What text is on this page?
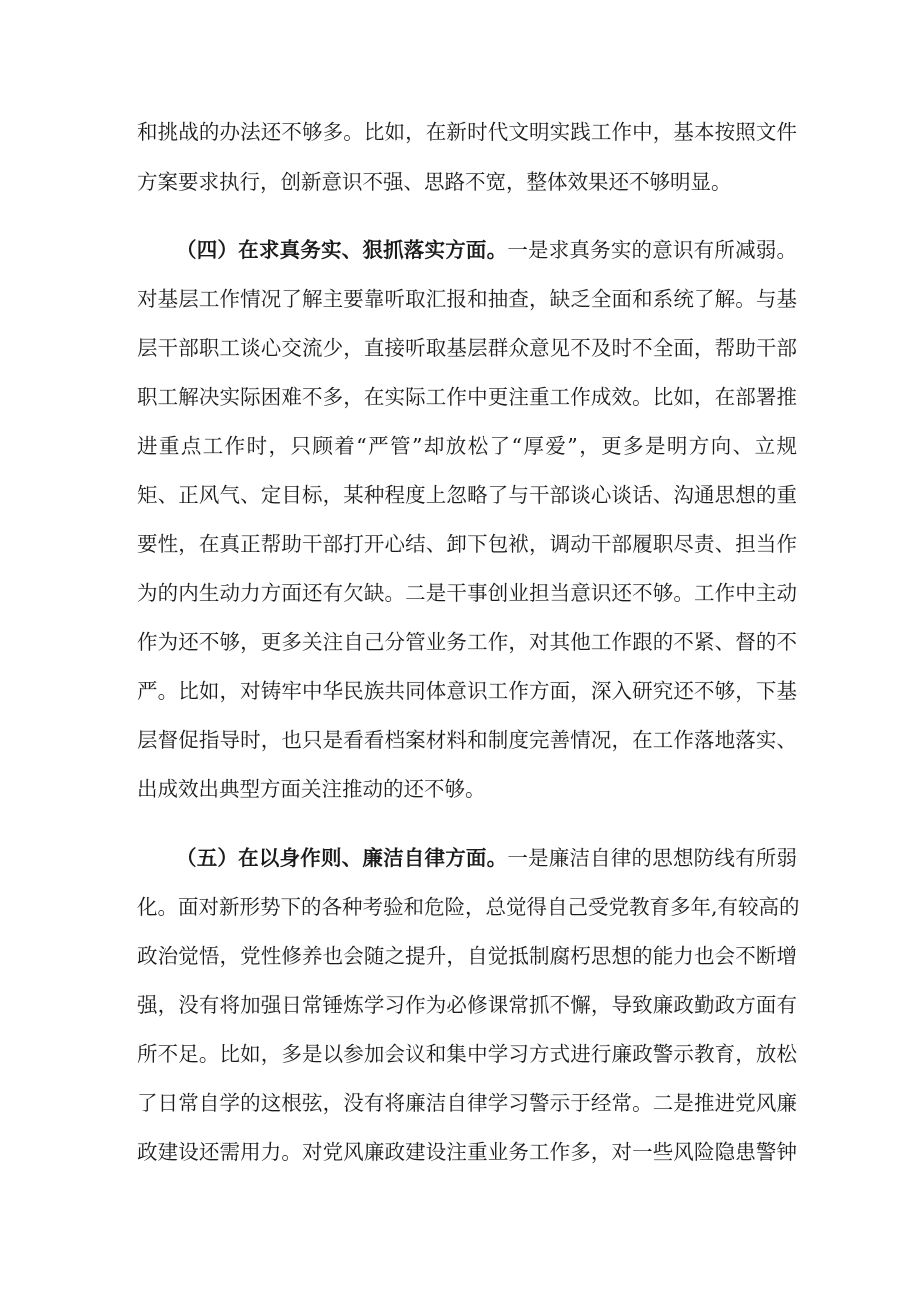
和挑战的办法还不够多。比如，在新时代文明实践工作中，基本按照文件
方案要求执行，创新意识不强、思路不宽，整体效果还不够明显。
（四）在求真务实、狠抓落实方面。一是求真务实的意识有所减弱。
对基层工作情况了解主要靠听取汇报和抽查，缺乏全面和系统了解。与基
层干部职工谈心交流少，直接听取基层群众意见不及时不全面，帮助干部
职工解决实际困难不多，在实际工作中更注重工作成效。比如，在部署推
进重点工作时，只顾着“严管”却放松了“厚爱”，更多是明方向、立规
矩、正风气、定目标，某种程度上忽略了与干部谈心谈话、沟通思想的重
要性，在真正帮助干部打开心结、卸下包袱，调动干部履职尽责、担当作
为的内生动力方面还有欠缺。二是干事创业担当意识还不够。工作中主动
作为还不够，更多关注自己分管业务工作，对其他工作跟的不紧、督的不
严。比如，对铸牢中华民族共同体意识工作方面，深入研究还不够，下基
层督促指导时，也只是看看档案材料和制度完善情况，在工作落地落实、
出成效出典型方面关注推动的还不够。
（五）在以身作则、廉洁自律方面。一是廉洁自律的思想防线有所弱
化。面对新形势下的各种考验和危险，总觉得自己受党教育多年,有较高的
政治觉悟，党性修养也会随之提升，自觉抵制腐朽思想的能力也会不断增
强，没有将加强日常锤炼学习作为必修课常抓不懈，导致廉政勤政方面有
所不足。比如，多是以参加会议和集中学习方式进行廉政警示教育，放松
了日常自学的这根弦，没有将廉洁自律学习警示于经常。二是推进党风廉
政建设还需用力。对党风廉政建设注重业务工作多，对一些风险隐患警钟
